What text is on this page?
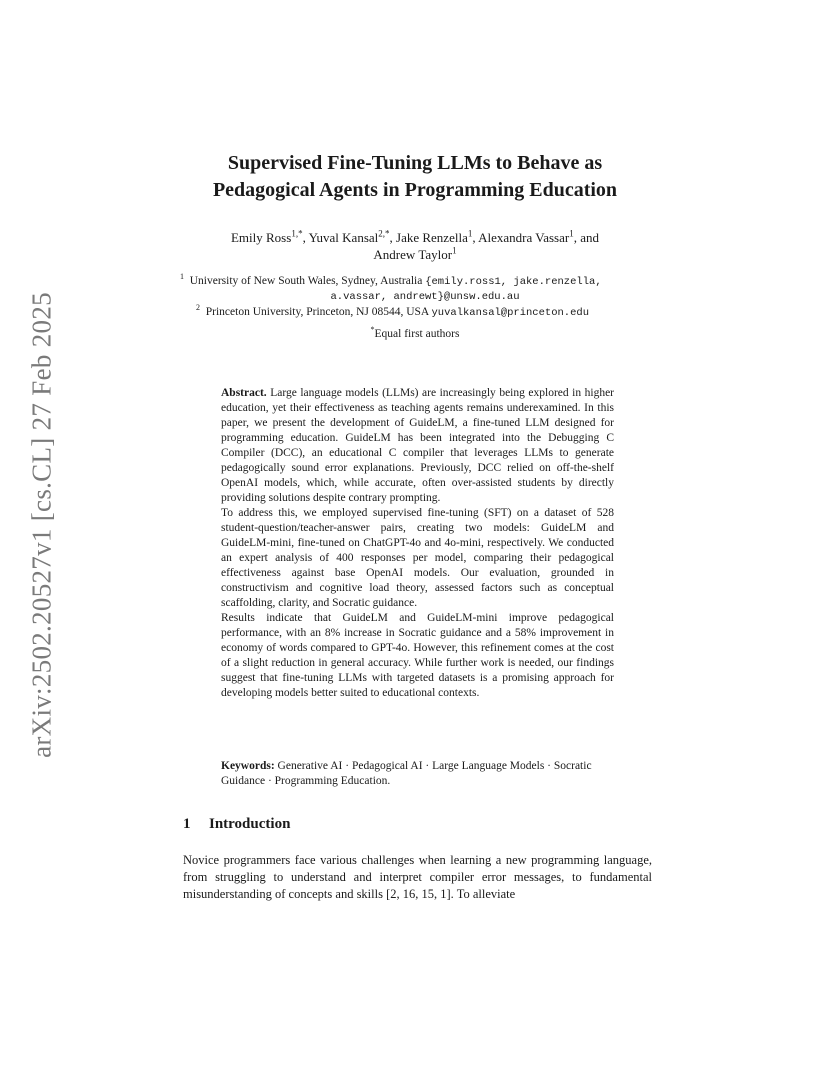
arXiv:2502.20527v1 [cs.CL] 27 Feb 2025
Supervised Fine-Tuning LLMs to Behave as
Pedagogical Agents in Programming Education
Emily Ross$^{1,*}$, Yuval Kansal$^{2,*}$, Jake Renzella$^1$, Alexandra Vassar$^1$, and
Andrew Taylor$^1$
$^1$ University of New South Wales, Sydney, Australia {emily.ross1, jake.renzella,
a.vassar, andrewt}@unsw.edu.au
$^2$ Princeton University, Princeton, NJ 08544, USA yuvalkansal@princeton.edu
*Equal first authors

Abstract. Large language models (LLMs) are increasingly being explored in higher education, yet their effectiveness as teaching agents remains underexamined. In this paper, we present the development of GuideLM, a fine-tuned LLM designed for programming education. GuideLM has been integrated into the Debugging C Compiler (DCC), an educational C compiler that leverages LLMs to generate pedagogically sound error explanations. Previously, DCC relied on off-the-shelf OpenAI models, which, while accurate, often over-assisted students by directly providing solutions despite contrary prompting.

To address this, we employed supervised fine-tuning (SFT) on a dataset of 528 student-question/teacher-answer pairs, creating two models: GuideLM and GuideLM-mini, fine-tuned on ChatGPT-4o and 4o-mini, respectively. We conducted an expert analysis of 400 responses per model, comparing their pedagogical effectiveness against base OpenAI models. Our evaluation, grounded in constructivism and cognitive load theory, assessed factors such as conceptual scaffolding, clarity, and Socratic guidance.

Results indicate that GuideLM and GuideLM-mini improve pedagogical performance, with an 8% increase in Socratic guidance and a 58% improvement in economy of words compared to GPT-4o. However, this refinement comes at the cost of a slight reduction in general accuracy. While further work is needed, our findings suggest that fine-tuning LLMs with targeted datasets is a promising approach for developing models better suited to educational contexts.

Keywords: Generative AI · Pedagogical AI · Large Language Models · Socratic Guidance · Programming Education.
1 Introduction

Novice programmers face various challenges when learning a new programming language, from struggling to understand and interpret compiler error messages, to fundamental misunderstanding of concepts and skills [2, 16, 15, 1]. To alleviate
